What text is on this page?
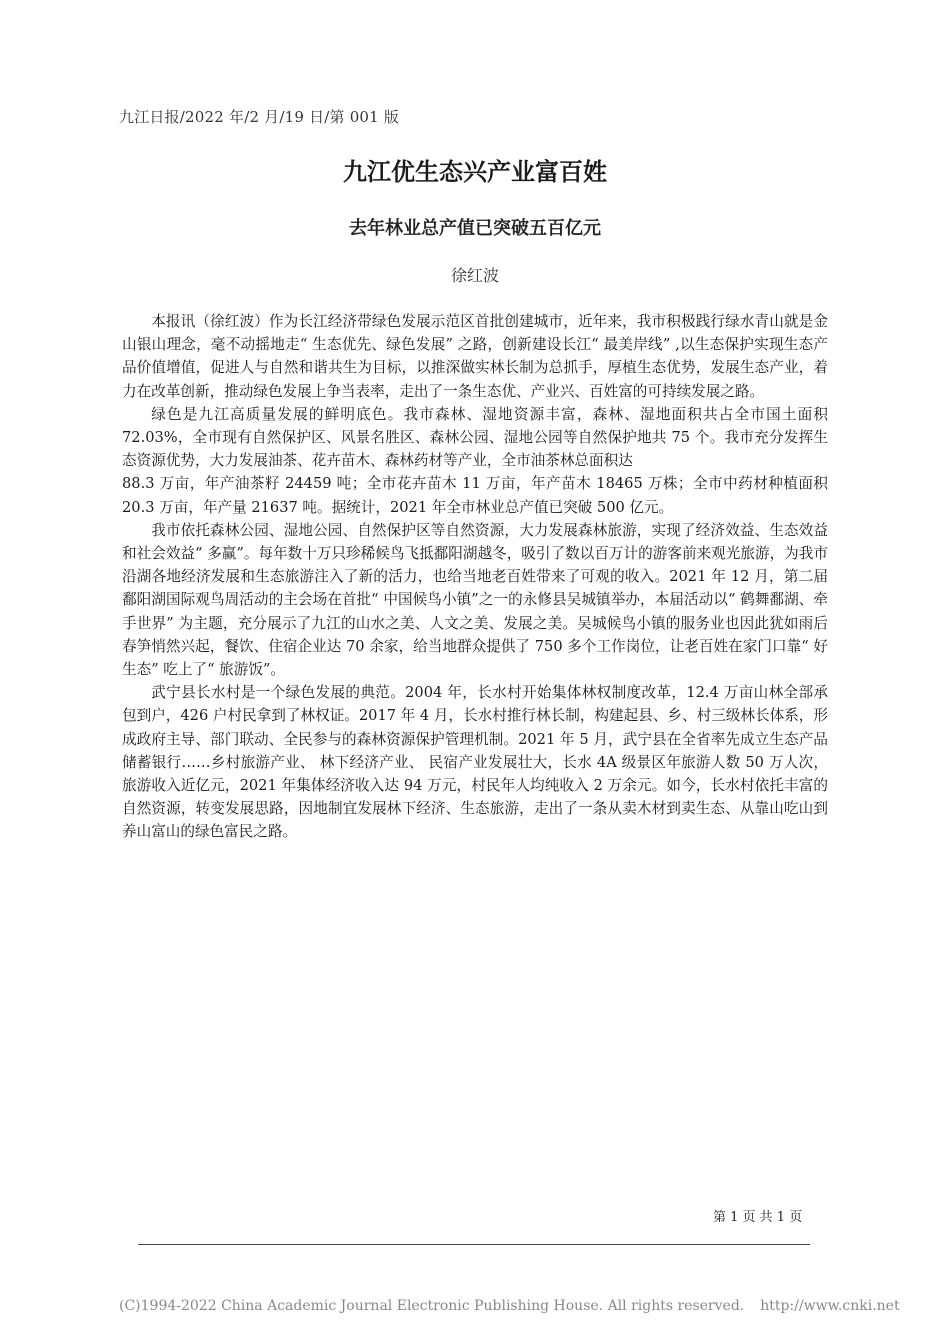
九江日报/2022 年/2 月/19 日/第 001 版
九江优生态兴产业富百姓
去年林业总产值已突破五百亿元
徐红波

本报讯（徐红波）作为长江经济带绿色发展示范区首批创建城市，近年来，我市积极践行绿水青山就是金山银山理念，毫不动摇地走“ 生态优先、绿色发展” 之路，创新建设长江“ 最美岸线” ,以生态保护实现生态产品价值增值，促进人与自然和谐共生为目标，以推深做实林长制为总抓手，厚植生态优势，发展生态产业，着力在改革创新，推动绿色发展上争当表率，走出了一条生态优、产业兴、百姓富的可持续发展之路。

绿色是九江高质量发展的鲜明底色。我市森林、湿地资源丰富，森林、湿地面积共占全市国土面积 72.03%，全市现有自然保护区、风景名胜区、森林公园、湿地公园等自然保护地共 75 个。我市充分发挥生态资源优势，大力发展油茶、花卉苗木、森林药材等产业，全市油茶林总面积达

88.3 万亩，年产油茶籽 24459 吨；全市花卉苗木 11 万亩，年产苗木 18465 万株；全市中药材种植面积 20.3 万亩，年产量 21637 吨。据统计，2021 年全市林业总产值已突破 500 亿元。

我市依托森林公园、湿地公园、自然保护区等自然资源，大力发展森林旅游，实现了经济效益、生态效益和社会效益“ 多赢”。每年数十万只珍稀候鸟飞抵鄱阳湖越冬，吸引了数以百万计的游客前来观光旅游，为我市沿湖各地经济发展和生态旅游注入了新的活力，也给当地老百姓带来了可观的收入。2021 年 12 月，第二届鄱阳湖国际观鸟周活动的主会场在首批“ 中国候鸟小镇”之一的永修县吴城镇举办，本届活动以“ 鹤舞鄱湖、牵手世界” 为主题，充分展示了九江的山水之美、人文之美、发展之美。吴城候鸟小镇的服务业也因此犹如雨后春笋悄然兴起，餐饮、住宿企业达 70 余家，给当地群众提供了 750 多个工作岗位，让老百姓在家门口靠“ 好生态” 吃上了“ 旅游饭”。

武宁县长水村是一个绿色发展的典范。2004 年，长水村开始集体林权制度改革，12.4 万亩山林全部承包到户，426 户村民拿到了林权证。2017 年 4 月，长水村推行林长制，构建起县、乡、村三级林长体系，形成政府主导、部门联动、全民参与的森林资源保护管理机制。2021 年 5 月，武宁县在全省率先成立生态产品储蓄银行……乡村旅游产业、 林下经济产业、 民宿产业发展壮大，长水 4A 级景区年旅游人数 50 万人次，旅游收入近亿元，2021 年集体经济收入达 94 万元，村民年人均纯收入 2 万余元。如今，长水村依托丰富的自然资源，转变发展思路，因地制宜发展林下经济、生态旅游，走出了一条从卖木材到卖生态、从靠山吃山到养山富山的绿色富民之路。

第 1 页 共 1 页
(C)1994-2022 China Academic Journal Electronic Publishing House. All rights reserved. http://www.cnki.net
